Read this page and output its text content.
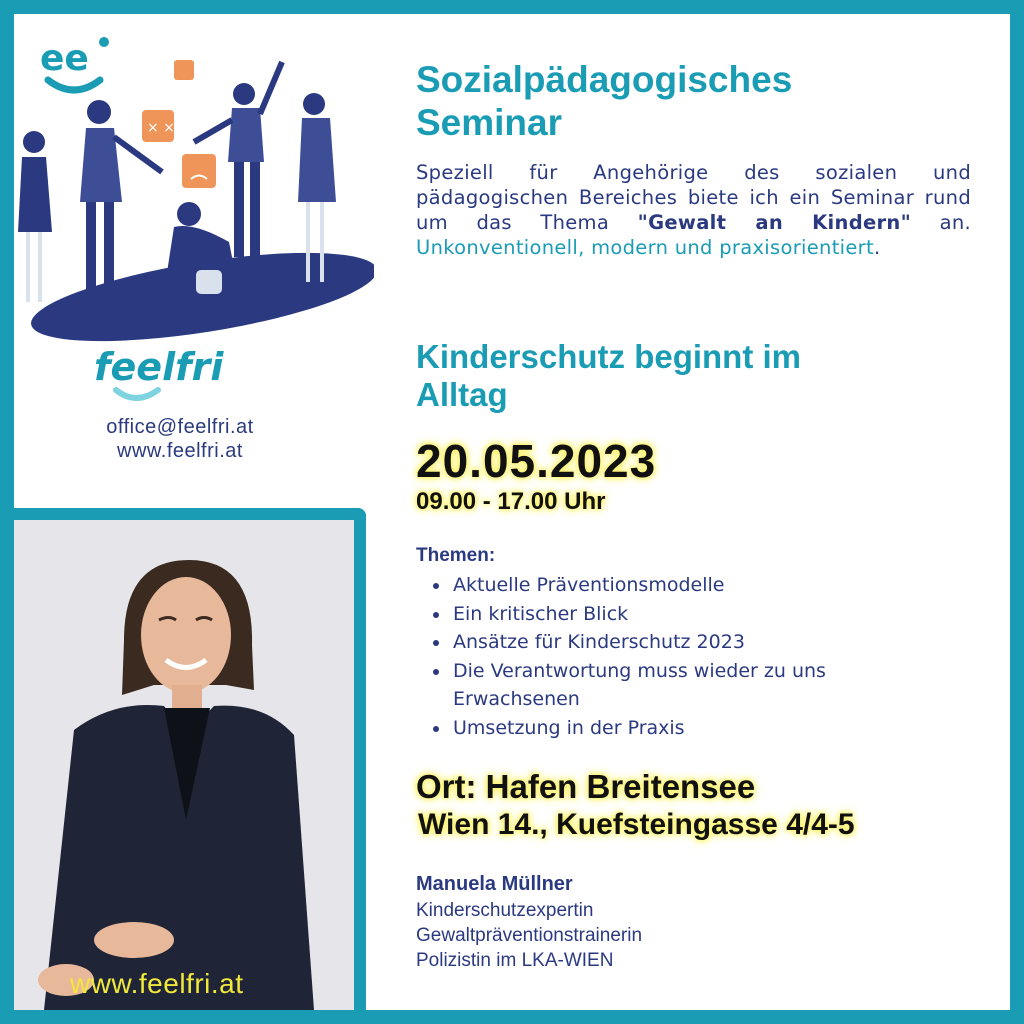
ee
× ×
feelfri
office@feelfri.at
www.feelfri.at
www.feelfri.at
Sozialpädagogisches
Seminar
Speziell für Angehörige des sozialen und pädagogischen Bereiches biete ich ein Seminar rund um das Thema "Gewalt an Kindern" an. Unkonventionell, modern und praxisorientiert.
Kinderschutz beginnt im
Alltag
20.05.2023
09.00 - 17.00 Uhr
Themen:
Aktuelle Präventionsmodelle
Ein kritischer Blick
Ansätze für Kinderschutz 2023
Die Verantwortung muss wieder zu uns Erwachsenen
Umsetzung in der Praxis
Ort: Hafen Breitensee
Wien 14., Kuefsteingasse 4/4-5
Manuela Müllner
Kinderschutzexpertin
Gewaltpräventionstrainerin
Polizistin im LKA-WIEN
